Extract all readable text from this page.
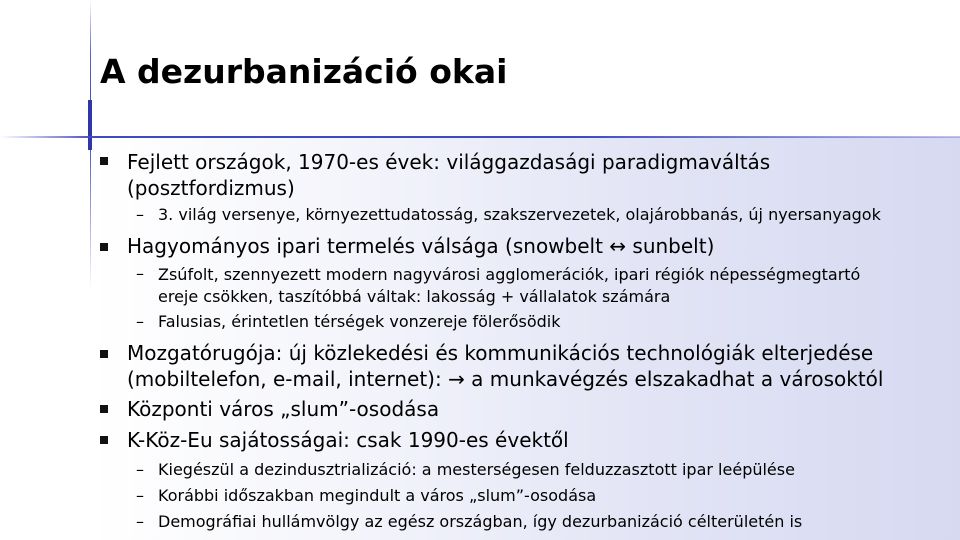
A dezurbanizáció okai
Fejlett országok, 1970-es évek: világgazdasági paradigmaváltás
(posztfordizmus)
– 3. világ versenye, környezettudatosság, szakszervezetek, olajárobbanás, új nyersanyagok
Hagyományos ipari termelés válsága (snowbelt ↔ sunbelt)
– Zsúfolt, szennyezett modern nagyvárosi agglomerációk, ipari régiók népességmegtartó
ereje csökken, taszítóbbá váltak: lakosság + vállalatok számára
– Falusias, érintetlen térségek vonzereje fölerősödik
Mozgatórugója: új közlekedési és kommunikációs technológiák elterjedése
(mobiltelefon, e-mail, internet): → a munkavégzés elszakadhat a városoktól
Központi város „slum”-osodása
K-Köz-Eu sajátosságai: csak 1990-es évektől
– Kiegészül a dezindusztrializáció: a mesterségesen felduzzasztott ipar leépülése
– Korábbi időszakban megindult a város „slum”-osodása
– Demográfiai hullámvölgy az egész országban, így dezurbanizáció célterületén is
